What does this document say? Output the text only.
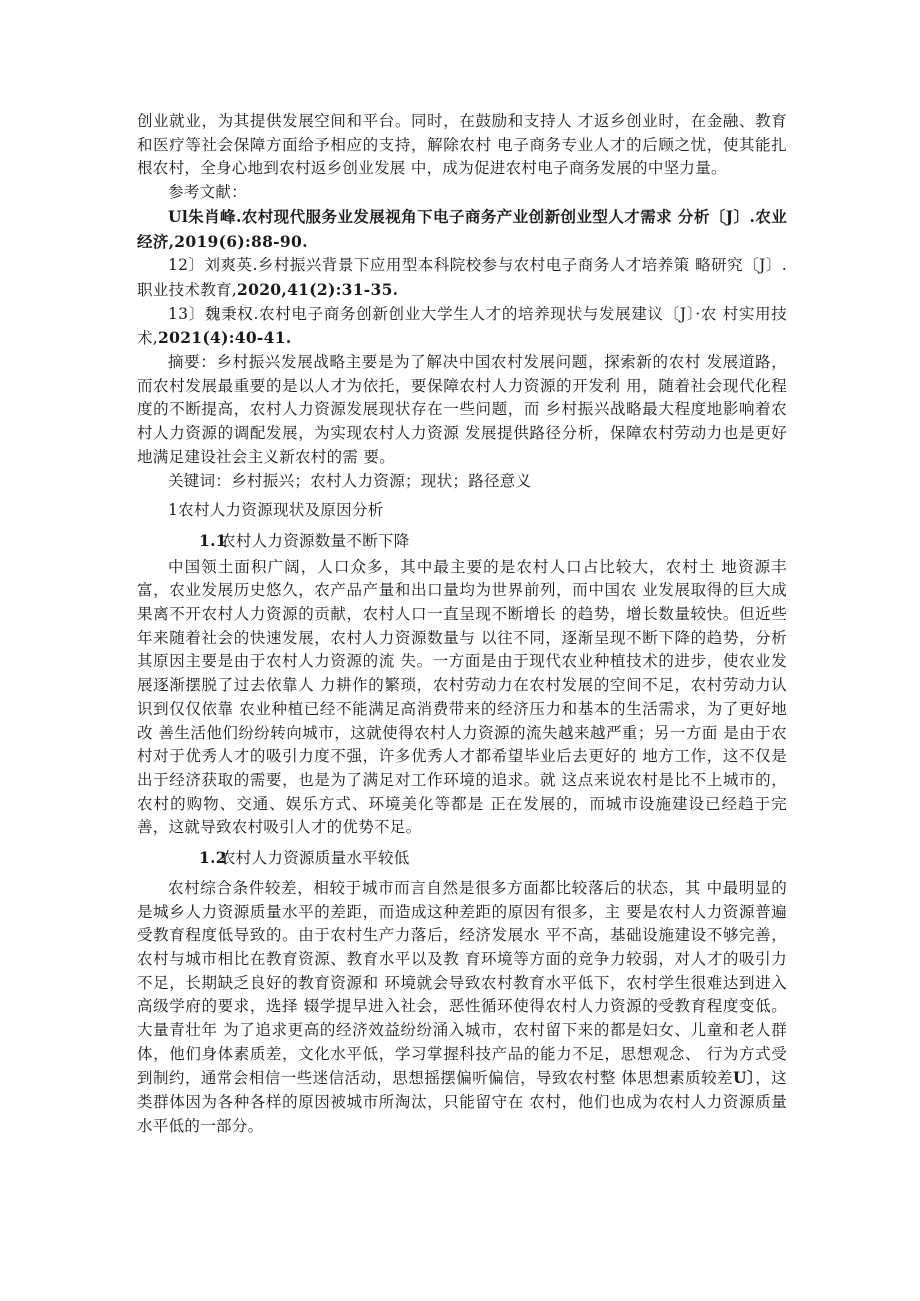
创业就业，为其提供发展空间和平台。同时，在鼓励和支持人 才返乡创业时，在金融、教育和医疗等社会保障方面给予相应的支持，解除农村 电子商务专业人才的后顾之忧，使其能扎根农村，全身心地到农村返乡创业发展 中，成为促进农村电子商务发展的中坚力量。

参考文献：

Ul朱肖峰.农村现代服务业发展视角下电子商务产业创新创业型人才需求 分析〔J〕.农业经济,2019(6):88-90.

12〕刘爽英.乡村振兴背景下应用型本科院校参与农村电子商务人才培养策 略研究〔J〕.职业技术教育,2020,41(2):31-35.

13〕魏秉权.农村电子商务创新创业大学生人才的培养现状与发展建议〔J〕·农 村实用技术,2021(4):40-41.

摘要：乡村振兴发展战略主要是为了解决中国农村发展问题，探索新的农村 发展道路，而农村发展最重要的是以人才为依托，要保障农村人力资源的开发利 用，随着社会现代化程度的不断提高，农村人力资源发展现状存在一些问题，而 乡村振兴战略最大程度地影响着农村人力资源的调配发展，为实现农村人力资源 发展提供路径分析，保障农村劳动力也是更好地满足建设社会主义新农村的需 要。

关键词：乡村振兴；农村人力资源；现状；路径意义

1农村人力资源现状及原因分析

1.1农村人力资源数量不断下降

中国领土面积广阔，人口众多，其中最主要的是农村人口占比较大，农村土 地资源丰富，农业发展历史悠久，农产品产量和出口量均为世界前列，而中国农 业发展取得的巨大成果离不开农村人力资源的贡献，农村人口一直呈现不断增长 的趋势，增长数量较快。但近些年来随着社会的快速发展，农村人力资源数量与 以往不同，逐渐呈现不断下降的趋势，分析其原因主要是由于农村人力资源的流 失。一方面是由于现代农业种植技术的进步，使农业发展逐渐摆脱了过去依靠人 力耕作的繁琐，农村劳动力在农村发展的空间不足，农村劳动力认识到仅仅依靠 农业种植已经不能满足高消费带来的经济压力和基本的生活需求，为了更好地改 善生活他们纷纷转向城市，这就使得农村人力资源的流失越来越严重；另一方面 是由于农村对于优秀人才的吸引力度不强，许多优秀人才都希望毕业后去更好的 地方工作，这不仅是出于经济获取的需要，也是为了满足对工作环境的追求。就 这点来说农村是比不上城市的，农村的购物、交通、娱乐方式、环境美化等都是 正在发展的，而城市设施建设已经趋于完善，这就导致农村吸引人才的优势不足。

1.2农村人力资源质量水平较低

农村综合条件较差，相较于城市而言自然是很多方面都比较落后的状态，其 中最明显的是城乡人力资源质量水平的差距，而造成这种差距的原因有很多，主 要是农村人力资源普遍受教育程度低导致的。由于农村生产力落后，经济发展水 平不高，基础设施建设不够完善，农村与城市相比在教育资源、教育水平以及教 育环境等方面的竞争力较弱，对人才的吸引力不足，长期缺乏良好的教育资源和 环境就会导致农村教育水平低下，农村学生很难达到进入高级学府的要求，选择 辍学提早进入社会，恶性循环使得农村人力资源的受教育程度变低。大量青壮年 为了追求更高的经济效益纷纷涌入城市，农村留下来的都是妇女、儿童和老人群 体，他们身体素质差，文化水平低，学习掌握科技产品的能力不足，思想观念、 行为方式受到制约，通常会相信一些迷信活动，思想摇摆偏听偏信，导致农村整 体思想素质较差U〕，这类群体因为各种各样的原因被城市所淘汰，只能留守在 农村，他们也成为农村人力资源质量水平低的一部分。
